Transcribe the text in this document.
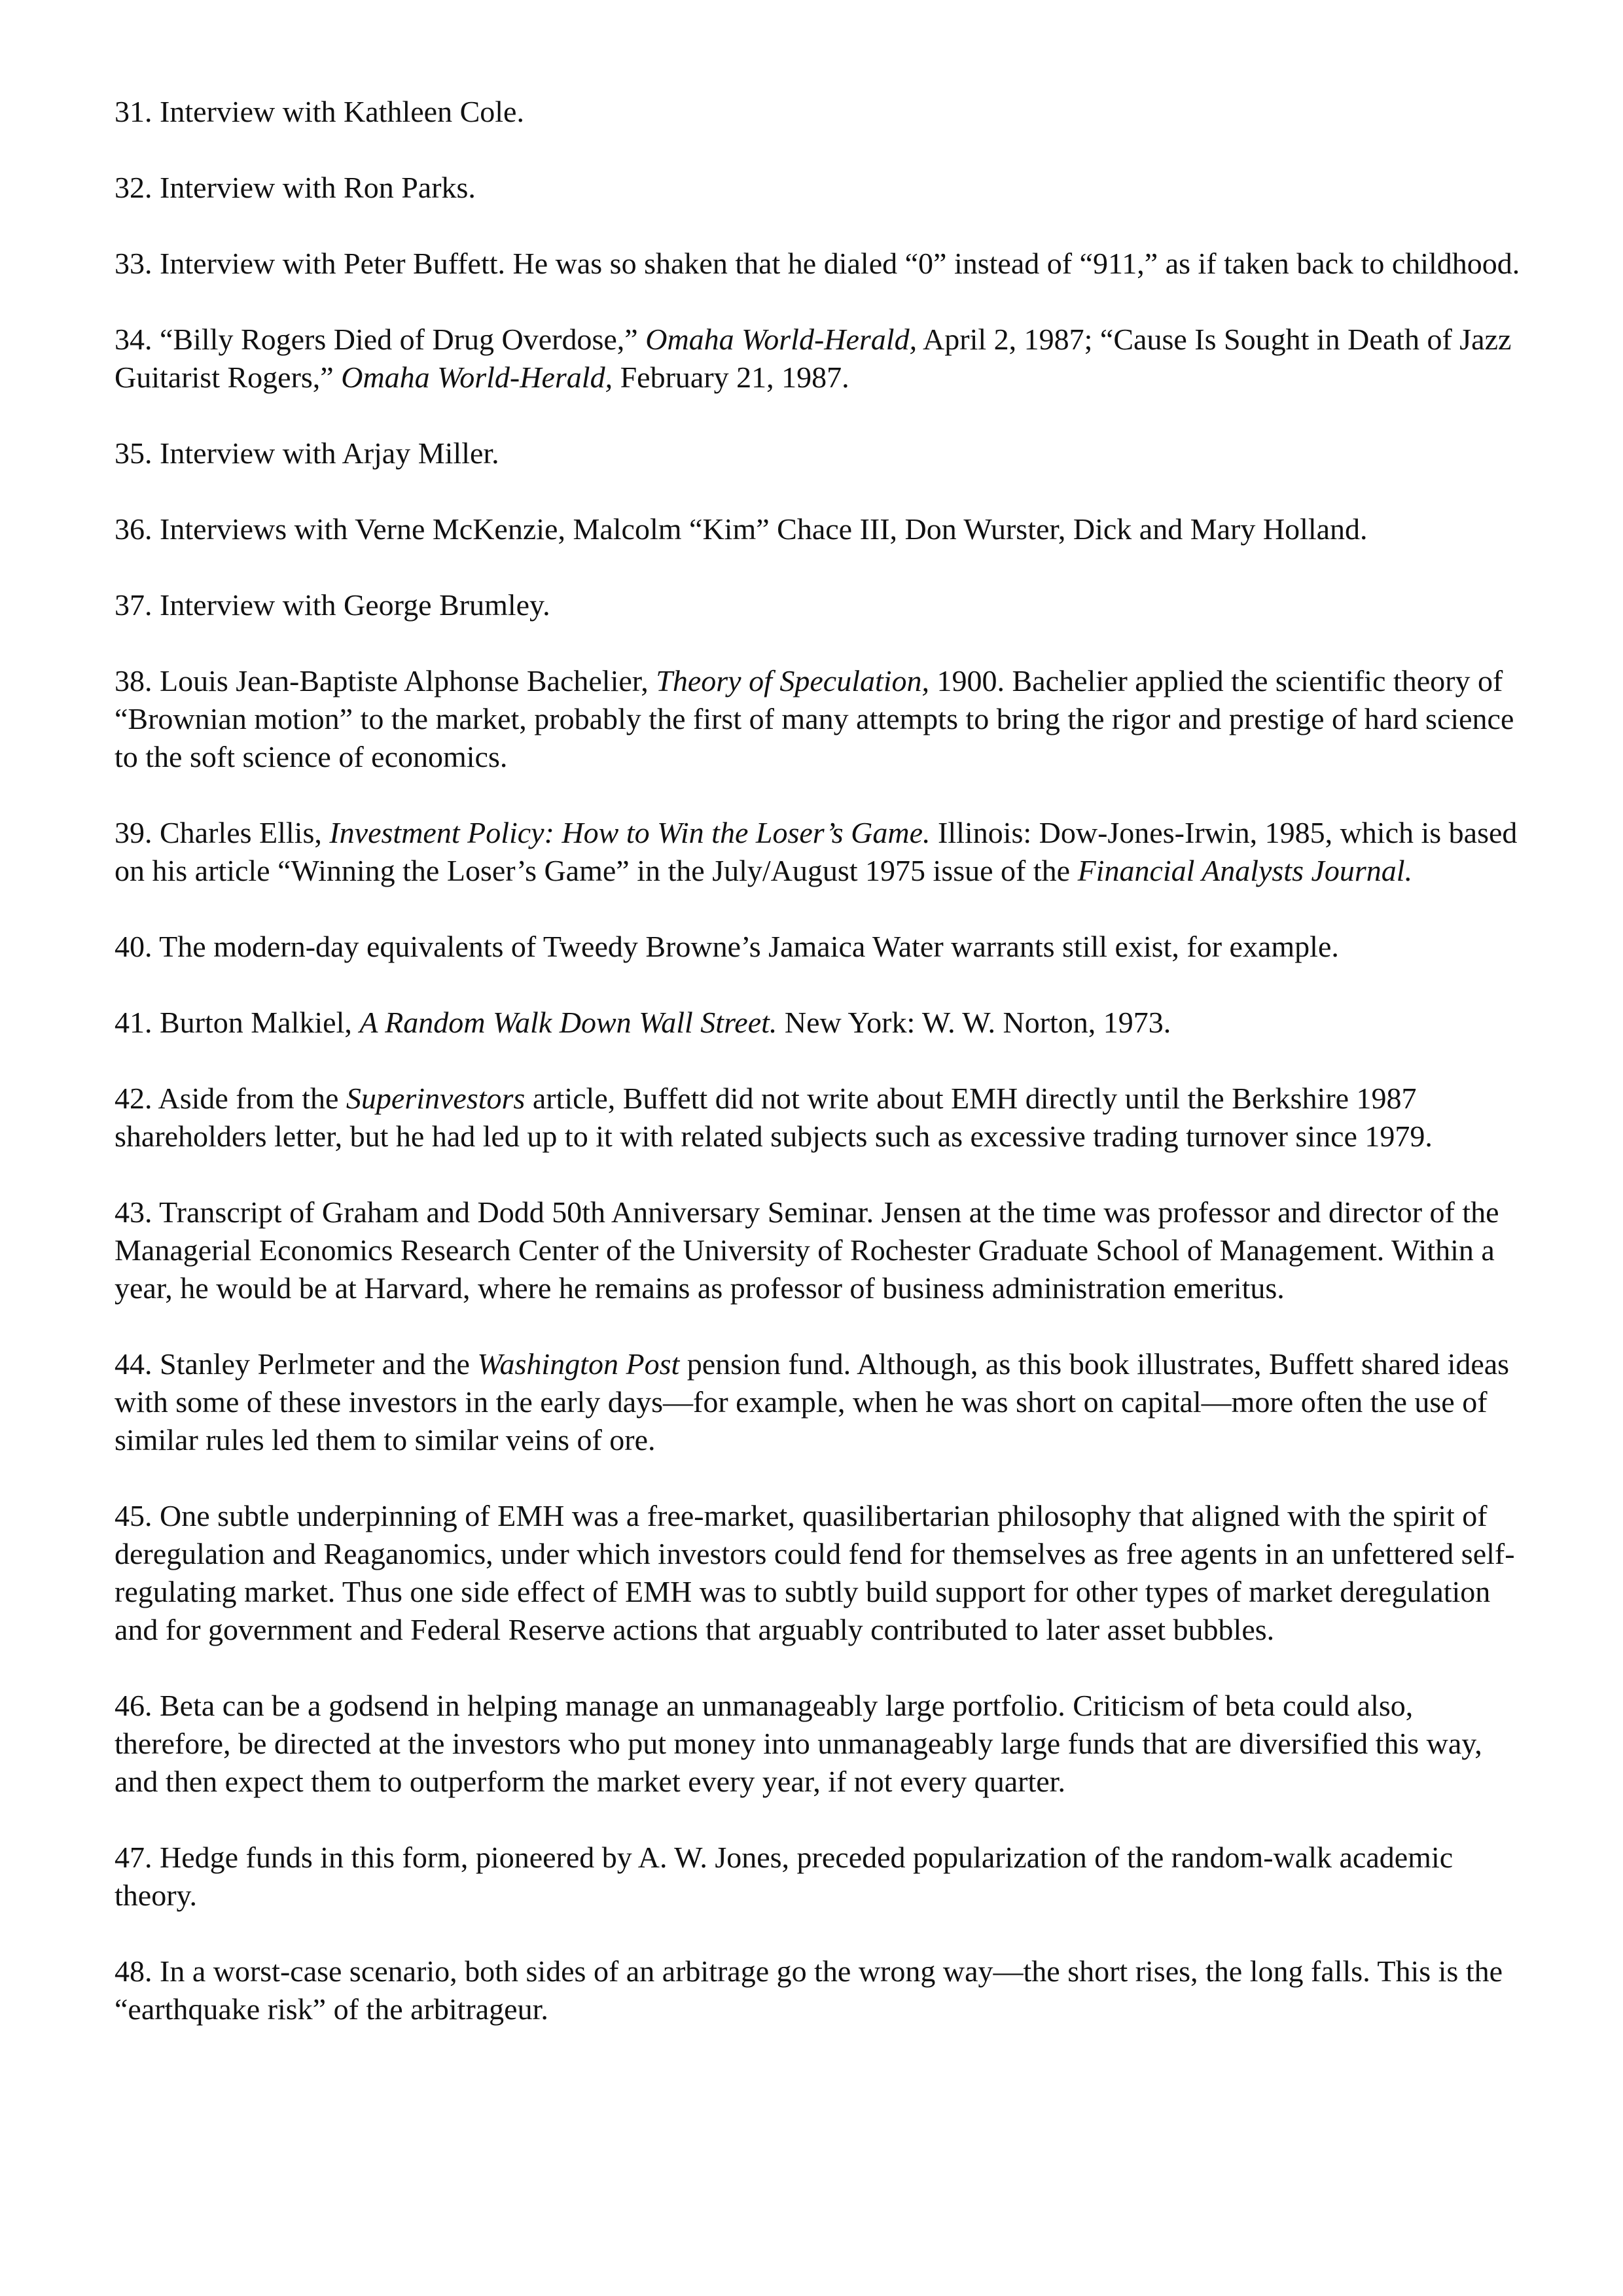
31. Interview with Kathleen Cole.

32. Interview with Ron Parks.

33. Interview with Peter Buffett. He was so shaken that he dialed “0” instead of “911,” as if taken back to childhood.

34. “Billy Rogers Died of Drug Overdose,” Omaha World-Herald, April 2, 1987; “Cause Is Sought in Death of Jazz Guitarist Rogers,” Omaha World-Herald, February 21, 1987.

35. Interview with Arjay Miller.

36. Interviews with Verne McKenzie, Malcolm “Kim” Chace III, Don Wurster, Dick and Mary Holland.

37. Interview with George Brumley.

38. Louis Jean-Baptiste Alphonse Bachelier, Theory of Speculation, 1900. Bachelier applied the scientific theory of “Brownian motion” to the market, probably the first of many attempts to bring the rigor and prestige of hard science to the soft science of economics.

39. Charles Ellis, Investment Policy: How to Win the Loser’s Game. Illinois: Dow-Jones-Irwin, 1985, which is based on his article “Winning the Loser’s Game” in the July/August 1975 issue of the Financial Analysts Journal.

40. The modern-day equivalents of Tweedy Browne’s Jamaica Water warrants still exist, for example.

41. Burton Malkiel, A Random Walk Down Wall Street. New York: W. W. Norton, 1973.

42. Aside from the Superinvestors article, Buffett did not write about EMH directly until the Berkshire 1987 shareholders letter, but he had led up to it with related subjects such as excessive trading turnover since 1979.

43. Transcript of Graham and Dodd 50th Anniversary Seminar. Jensen at the time was professor and director of the Managerial Economics Research Center of the University of Rochester Graduate School of Management. Within a year, he would be at Harvard, where he remains as professor of business administration emeritus.

44. Stanley Perlmeter and the Washington Post pension fund. Although, as this book illustrates, Buffett shared ideas with some of these investors in the early days—for example, when he was short on capital—more often the use of similar rules led them to similar veins of ore.

45. One subtle underpinning of EMH was a free-market, quasilibertarian philosophy that aligned with the spirit of deregulation and Reaganomics, under which investors could fend for themselves as free agents in an unfettered self-regulating market. Thus one side effect of EMH was to subtly build support for other types of market deregulation and for government and Federal Reserve actions that arguably contributed to later asset bubbles.

46. Beta can be a godsend in helping manage an unmanageably large portfolio. Criticism of beta could also, therefore, be directed at the investors who put money into unmanageably large funds that are diversified this way, and then expect them to outperform the market every year, if not every quarter.

47. Hedge funds in this form, pioneered by A. W. Jones, preceded popularization of the random-walk academic theory.

48. In a worst-case scenario, both sides of an arbitrage go the wrong way—the short rises, the long falls. This is the “earthquake risk” of the arbitrageur.
